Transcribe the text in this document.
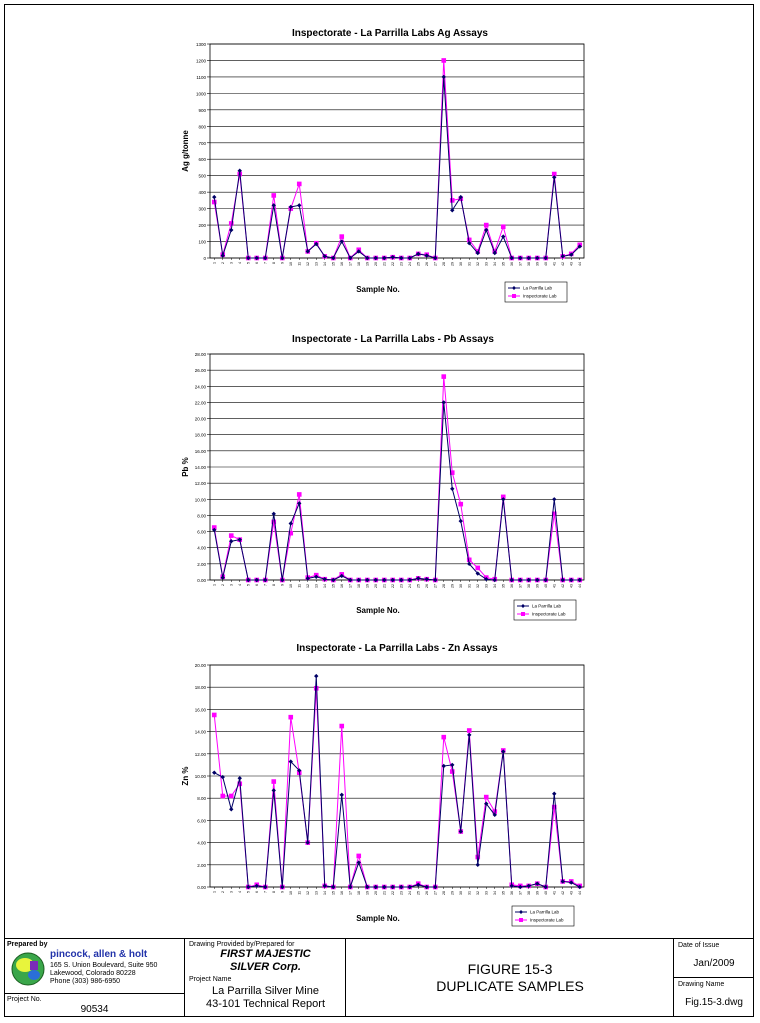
Inspectorate - La Parrilla Labs Ag Assays
Ag g/tonne
Sample No.
0
100
200
300
400
500
600
700
800
900
1000
1100
1200
1300
1 2 3 4 5 6 7 8 9 10 11 12 13 14 15 16 17 18 19 20 21 22 23 24 25 26 27 28 29 30 31 32 33 34 35 36 37 38 39 40 41 42 43 44
La Parrilla Lab
Inspectorate Lab
Inspectorate - La Parrilla Labs - Pb Assays
Pb %
Sample No.
0.00
2.00
4.00
6.00
8.00
10.00
12.00
14.00
16.00
18.00
20.00
22.00
24.00
26.00
28.00
1 2 3 4 5 6 7 8 9 10 11 12 13 14 15 16 17 18 19 20 21 22 23 24 25 26 27 28 29 30 31 32 33 34 35 36 37 38 39 40 41 42 43 44
La Parrilla Lab
Inspectorate Lab
Inspectorate - La Parrilla Labs - Zn Assays
Zn %
Sample No.
0.00
2.00
4.00
6.00
8.00
10.00
12.00
14.00
16.00
18.00
20.00
1 2 3 4 5 6 7 8 9 10 11 12 13 14 15 16 17 18 19 20 21 22 23 24 25 26 27 28 29 30 31 32 33 34 35 36 37 38 39 40 41 42 43 44
La Parrilla Lab
Inspectorate Lab
Prepared by
pincock, allen & holt
165 S. Union Boulevard, Suite 950
Lakewood, Colorado 80228
Phone (303) 986-6950
Project No.
90534
Drawing Provided by/Prepared for
FIRST MAJESTIC
SILVER Corp.
Project Name
La Parrilla Silver Mine
43-101 Technical Report
FIGURE 15-3
DUPLICATE SAMPLES
Date of Issue
Jan/2009
Drawing Name
Fig.15-3.dwg
